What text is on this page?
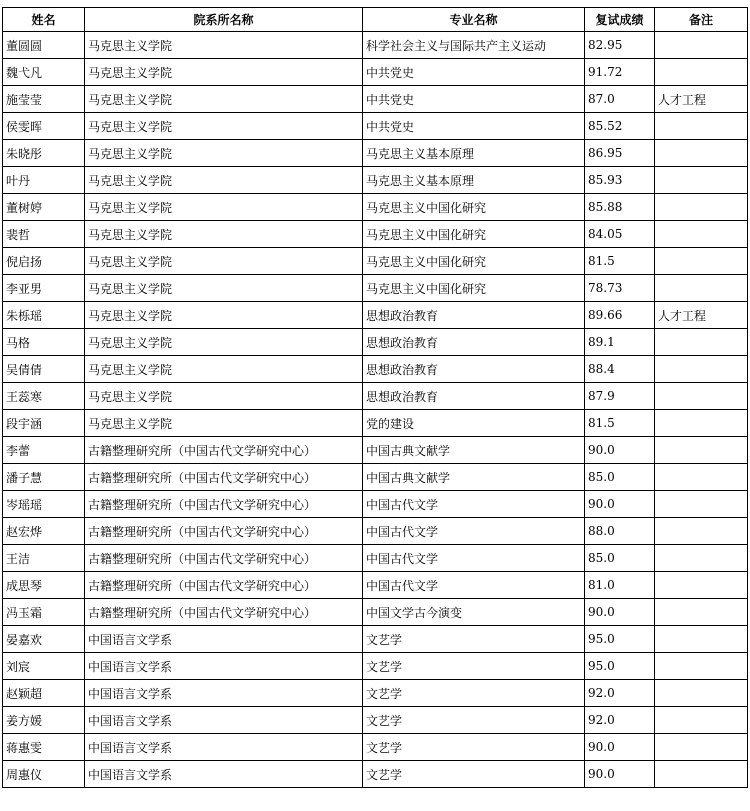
姓名	院系所名称	专业名称	复试成绩	备注
董圆圆	马克思主义学院	科学社会主义与国际共产主义运动	82.95	
魏弋凡	马克思主义学院	中共党史	91.72	
施莹莹	马克思主义学院	中共党史	87.0	人才工程
侯雯晖	马克思主义学院	中共党史	85.52	
朱晓彤	马克思主义学院	马克思主义基本原理	86.95	
叶丹	马克思主义学院	马克思主义基本原理	85.93	
董树婷	马克思主义学院	马克思主义中国化研究	85.88	
裴哲	马克思主义学院	马克思主义中国化研究	84.05	
倪启扬	马克思主义学院	马克思主义中国化研究	81.5	
李亚男	马克思主义学院	马克思主义中国化研究	78.73	
朱栎瑶	马克思主义学院	思想政治教育	89.66	人才工程
马格	马克思主义学院	思想政治教育	89.1	
吴倩倩	马克思主义学院	思想政治教育	88.4	
王蕊寒	马克思主义学院	思想政治教育	87.9	
段宇涵	马克思主义学院	党的建设	81.5	
李蕾	古籍整理研究所（中国古代文学研究中心）	中国古典文献学	90.0	
潘子慧	古籍整理研究所（中国古代文学研究中心）	中国古典文献学	85.0	
岑瑶瑶	古籍整理研究所（中国古代文学研究中心）	中国古代文学	90.0	
赵宏烨	古籍整理研究所（中国古代文学研究中心）	中国古代文学	88.0	
王洁	古籍整理研究所（中国古代文学研究中心）	中国古代文学	85.0	
成思琴	古籍整理研究所（中国古代文学研究中心）	中国古代文学	81.0	
冯玉霜	古籍整理研究所（中国古代文学研究中心）	中国文学古今演变	90.0	
晏嘉欢	中国语言文学系	文艺学	95.0	
刘宸	中国语言文学系	文艺学	95.0	
赵颖超	中国语言文学系	文艺学	92.0	
姜方媛	中国语言文学系	文艺学	92.0	
蒋惠雯	中国语言文学系	文艺学	90.0	
周惠仪	中国语言文学系	文艺学	90.0	
